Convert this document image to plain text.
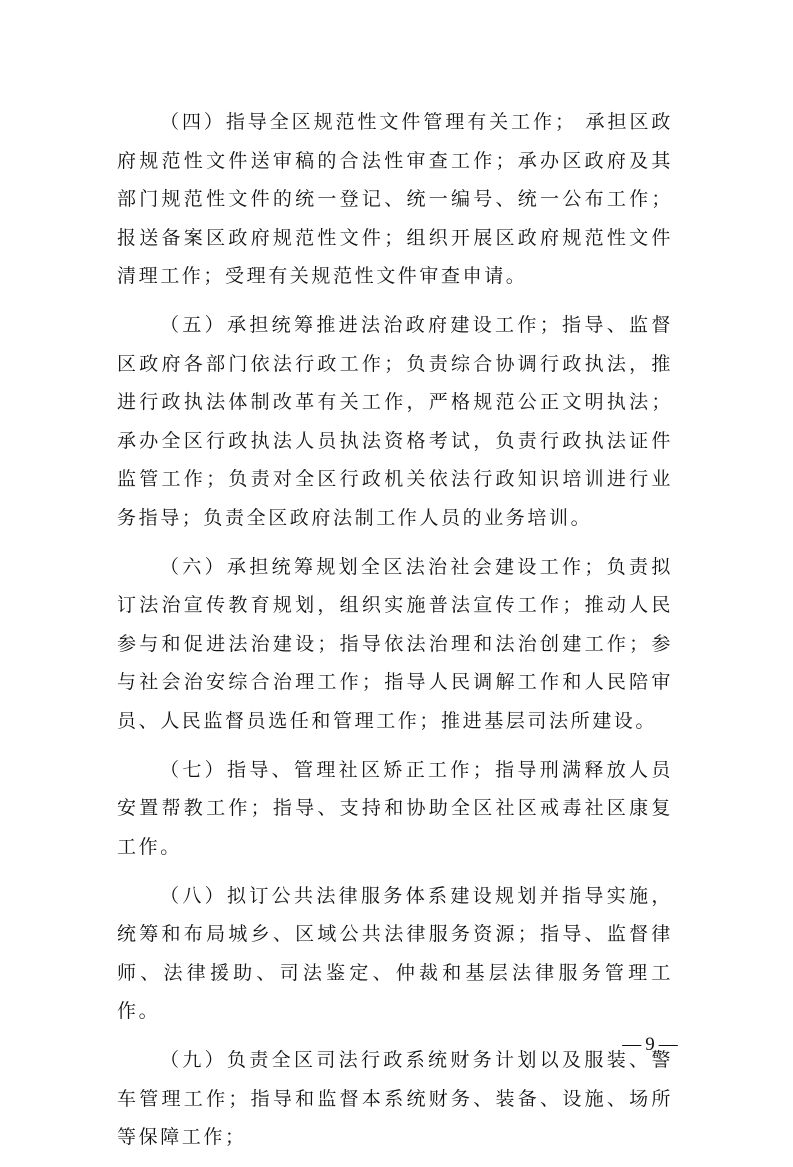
（四）指导全区规范性文件管理有关工作； 承担区政府规范性文件送审稿的合法性审查工作；承办区政府及其部门规范性文件的统一登记、统一编号、统一公布工作；报送备案区政府规范性文件；组织开展区政府规范性文件清理工作；受理有关规范性文件审查申请。

（五）承担统筹推进法治政府建设工作；指导、监督区政府各部门依法行政工作；负责综合协调行政执法，推进行政执法体制改革有关工作，严格规范公正文明执法；承办全区行政执法人员执法资格考试，负责行政执法证件监管工作；负责对全区行政机关依法行政知识培训进行业务指导；负责全区政府法制工作人员的业务培训。

（六）承担统筹规划全区法治社会建设工作；负责拟订法治宣传教育规划，组织实施普法宣传工作；推动人民参与和促进法治建设；指导依法治理和法治创建工作；参与社会治安综合治理工作；指导人民调解工作和人民陪审员、人民监督员选任和管理工作；推进基层司法所建设。

（七）指导、管理社区矫正工作；指导刑满释放人员安置帮教工作；指导、支持和协助全区社区戒毒社区康复工作。

（八）拟订公共法律服务体系建设规划并指导实施，统筹和布局城乡、区域公共法律服务资源；指导、监督律师、法律援助、司法鉴定、仲裁和基层法律服务管理工作。

（九）负责全区司法行政系统财务计划以及服装、警车管理工作；指导和监督本系统财务、装备、设施、场所等保障工作；

— 9 —
